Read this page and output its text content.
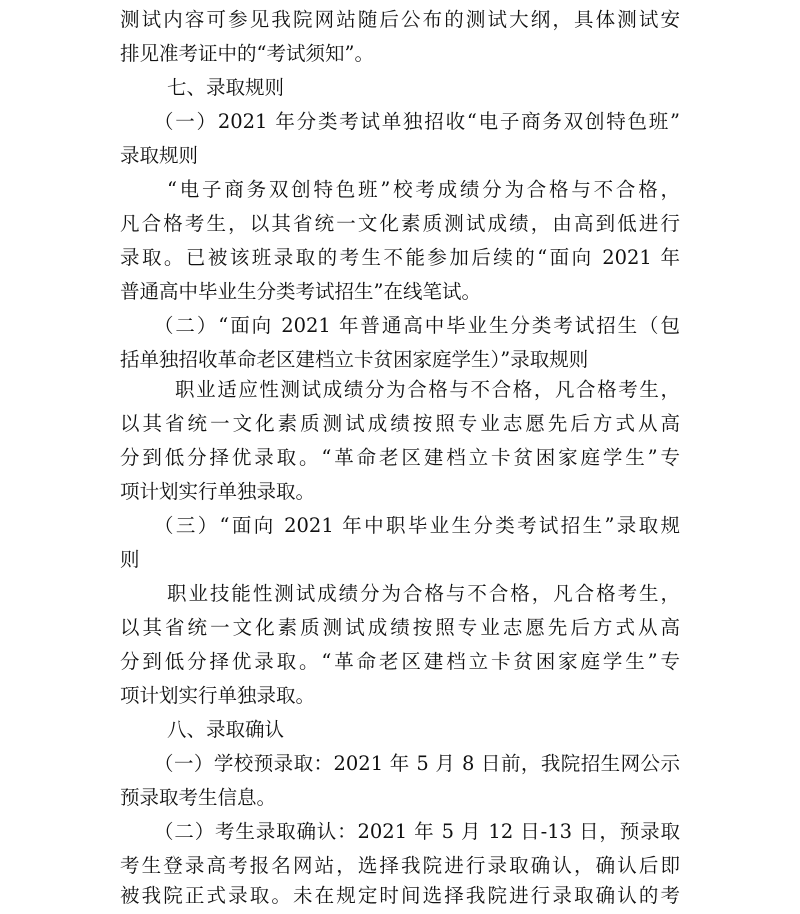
测试内容可参见我院网站随后公布的测试大纲，具体测试安
排见准考证中的“考试须知”。
七、录取规则
（一）2021 年分类考试单独招收“电子商务双创特色班”
录取规则
“电子商务双创特色班”校考成绩分为合格与不合格，
凡合格考生，以其省统一文化素质测试成绩，由高到低进行
录取。已被该班录取的考生不能参加后续的“面向 2021 年
普通高中毕业生分类考试招生”在线笔试。
（二）“面向 2021 年普通高中毕业生分类考试招生（包
括单独招收革命老区建档立卡贫困家庭学生）”录取规则
职业适应性测试成绩分为合格与不合格，凡合格考生，
以其省统一文化素质测试成绩按照专业志愿先后方式从高
分到低分择优录取。“革命老区建档立卡贫困家庭学生”专
项计划实行单独录取。
（三）“面向 2021 年中职毕业生分类考试招生”录取规
则
职业技能性测试成绩分为合格与不合格，凡合格考生，
以其省统一文化素质测试成绩按照专业志愿先后方式从高
分到低分择优录取。“革命老区建档立卡贫困家庭学生”专
项计划实行单独录取。
八、录取确认
（一）学校预录取：2021 年 5 月 8 日前，我院招生网公示
预录取考生信息。
（二）考生录取确认：2021 年 5 月 12 日-13 日，预录取
考生登录高考报名网站，选择我院进行录取确认，确认后即
被我院正式录取。未在规定时间选择我院进行录取确认的考
